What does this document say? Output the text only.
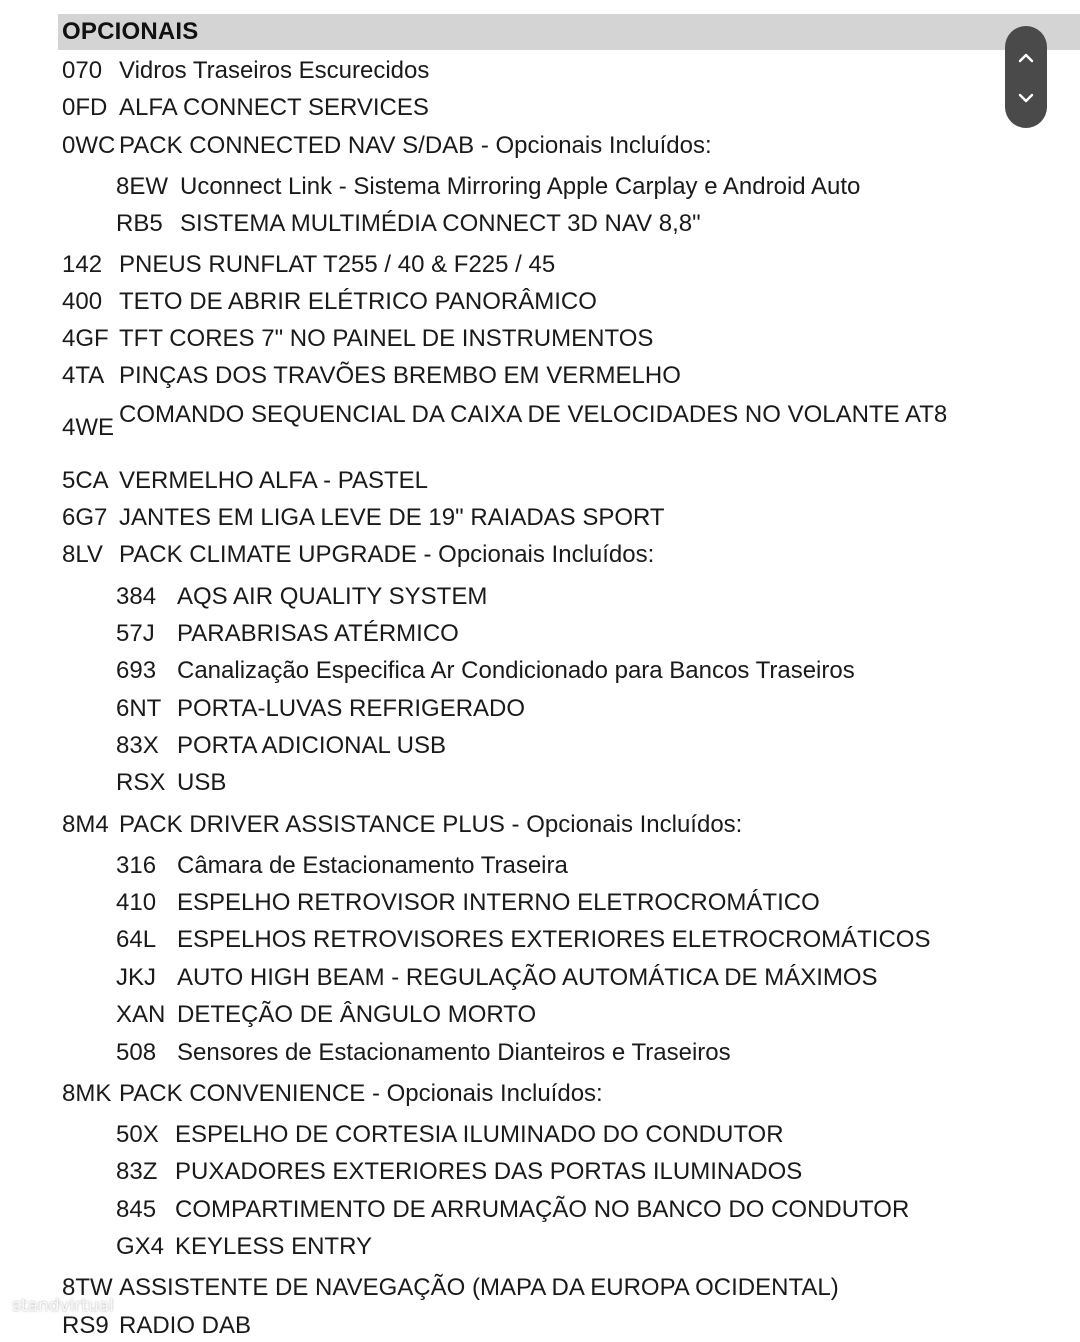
OPCIONAIS
070 Vidros Traseiros Escurecidos
0FD ALFA CONNECT SERVICES
0WC PACK CONNECTED NAV S/DAB - Opcionais Incluídos:
8EW Uconnect Link - Sistema Mirroring Apple Carplay e Android Auto
RB5 SISTEMA MULTIMÉDIA CONNECT 3D NAV 8,8"
142 PNEUS RUNFLAT T255 / 40 & F225 / 45
400 TETO DE ABRIR ELÉTRICO PANORÂMICO
4GF TFT CORES 7" NO PAINEL DE INSTRUMENTOS
4TA PINÇAS DOS TRAVÕES BREMBO EM VERMELHO
4WE COMANDO SEQUENCIAL DA CAIXA DE VELOCIDADES NO VOLANTE AT8
5CA VERMELHO ALFA - PASTEL
6G7 JANTES EM LIGA LEVE DE 19" RAIADAS SPORT
8LV PACK CLIMATE UPGRADE - Opcionais Incluídos:
384 AQS AIR QUALITY SYSTEM
57J PARABRISAS ATÉRMICO
693 Canalização Especifica Ar Condicionado para Bancos Traseiros
6NT PORTA-LUVAS REFRIGERADO
83X PORTA ADICIONAL USB
RSX USB
8M4 PACK DRIVER ASSISTANCE PLUS - Opcionais Incluídos:
316 Câmara de Estacionamento Traseira
410 ESPELHO RETROVISOR INTERNO ELETROCROMÁTICO
64L ESPELHOS RETROVISORES EXTERIORES ELETROCROMÁTICOS
JKJ AUTO HIGH BEAM - REGULAÇÃO AUTOMÁTICA DE MÁXIMOS
XAN DETEÇÃO DE ÂNGULO MORTO
508 Sensores de Estacionamento Dianteiros e Traseiros
8MK PACK CONVENIENCE - Opcionais Incluídos:
50X ESPELHO DE CORTESIA ILUMINADO DO CONDUTOR
83Z PUXADORES EXTERIORES DAS PORTAS ILUMINADOS
845 COMPARTIMENTO DE ARRUMAÇÃO NO BANCO DO CONDUTOR
GX4 KEYLESS ENTRY
8TW ASSISTENTE DE NAVEGAÇÃO (MAPA DA EUROPA OCIDENTAL)
RS9 RADIO DAB
standvirtual
